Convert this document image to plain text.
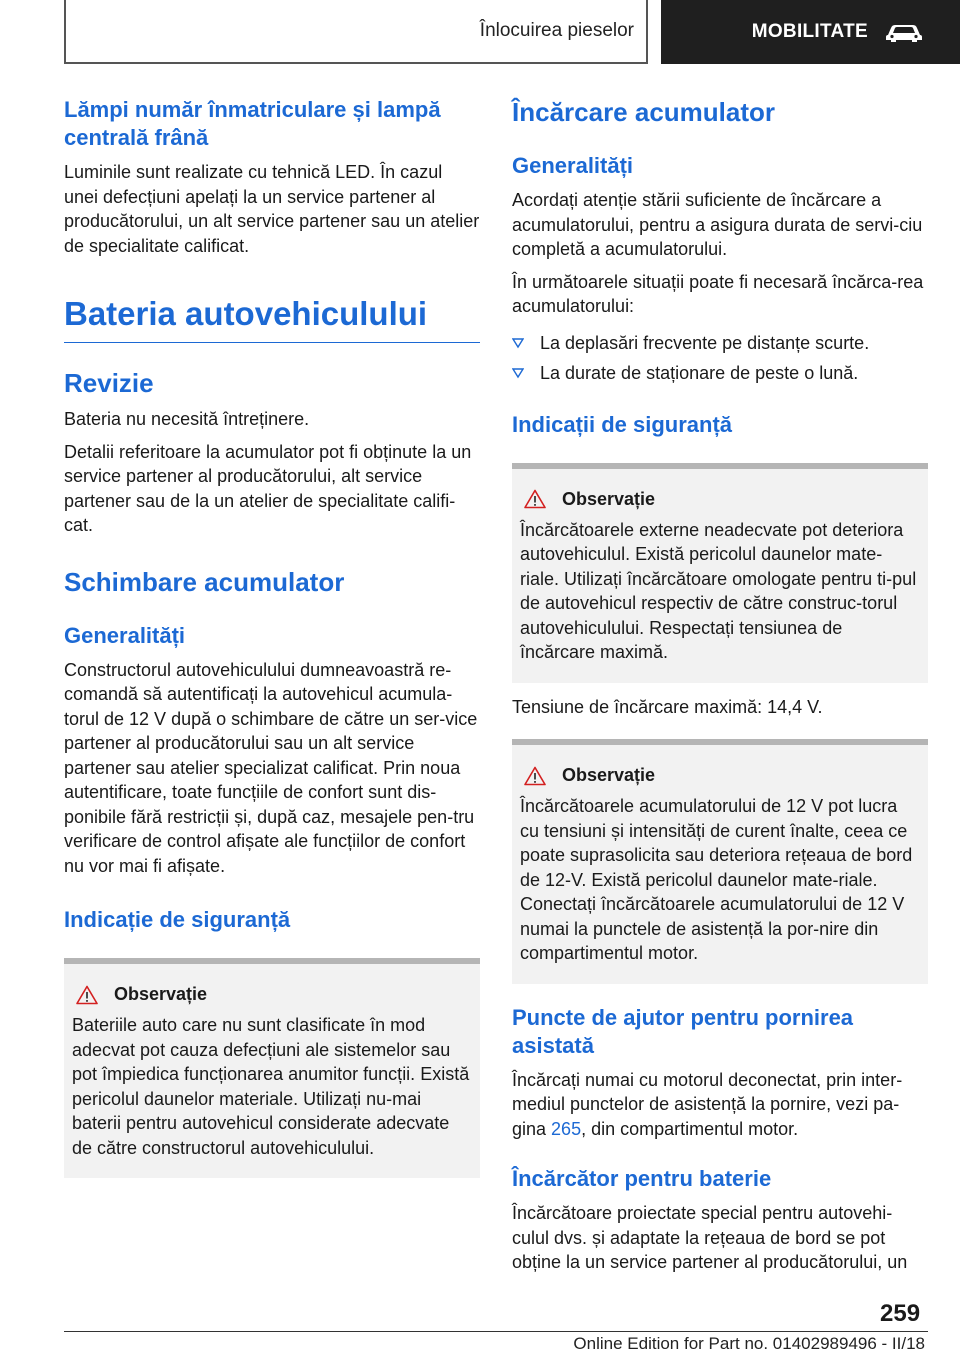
Înlocuirea pieselor	MOBILITATE
Lămpi număr înmatriculare și lampă centrală frână

Luminile sunt realizate cu tehnică LED. În cazul unei defecțiuni apelați la un service partener al producătorului, un alt service partener sau un atelier de specialitate calificat.

Bateria autovehiculului
Revizie

Bateria nu necesită întreținere.

Detalii referitoare la acumulator pot fi obținute la un service partener al producătorului, alt service partener sau de la un atelier de specialitate califi-cat.

Schimbare acumulator
Generalități

Constructorul autovehiculului dumneavoastră re-comandă să autentificați la autovehicul acumula-torul de 12 V după o schimbare de către un ser-vice partener al producătorului sau un alt service partener sau atelier specializat calificat. Prin noua autentificare, toate funcțiile de confort sunt dis-ponibile fără restricții și, după caz, mesajele pen-tru verificare de control afișate ale funcțiilor de confort nu vor mai fi afișate.

Indicație de siguranță
Observație

Bateriile auto care nu sunt clasificate în mod adecvat pot cauza defecțiuni ale sistemelor sau pot împiedica funcționarea anumitor funcții. Există pericolul daunelor materiale. Utilizați nu-mai baterii pentru autovehicul considerate adecvate de către constructorul autovehiculului.

Încărcare acumulator
Generalități

Acordați atenție stării suficiente de încărcare a acumulatorului, pentru a asigura durata de servi-ciu completă a acumulatorului.

În următoarele situații poate fi necesară încărca-rea acumulatorului:

La deplasări frecvente pe distanțe scurte.
La durate de staționare de peste o lună.
Indicații de siguranță
Observație

Încărcătoarele externe neadecvate pot deteriora autovehiculul. Există pericolul daunelor mate-riale. Utilizați încărcătoare omologate pentru ti-pul de autovehicul respectiv de către construc-torul autovehiculului. Respectați tensiunea de încărcare maximă.

Tensiune de încărcare maximă: 14,4 V.

Observație

Încărcătoarele acumulatorului de 12 V pot lucra cu tensiuni și intensități de curent înalte, ceea ce poate suprasolicita sau deteriora rețeaua de bord de 12-V. Există pericolul daunelor mate-riale. Conectați încărcătoarele acumulatorului de 12 V numai la punctele de asistență la por-nire din compartimentul motor.

Puncte de ajutor pentru pornirea asistată

Încărcați numai cu motorul deconectat, prin inter-mediul punctelor de asistență la pornire, vezi pa-gina 265, din compartimentul motor.

Încărcător pentru baterie

Încărcătoare proiectate special pentru autovehi-culul dvs. și adaptate la rețeaua de bord se pot obține la un service partener al producătorului, un

259
Online Edition for Part no. 01402989496 - II/18
